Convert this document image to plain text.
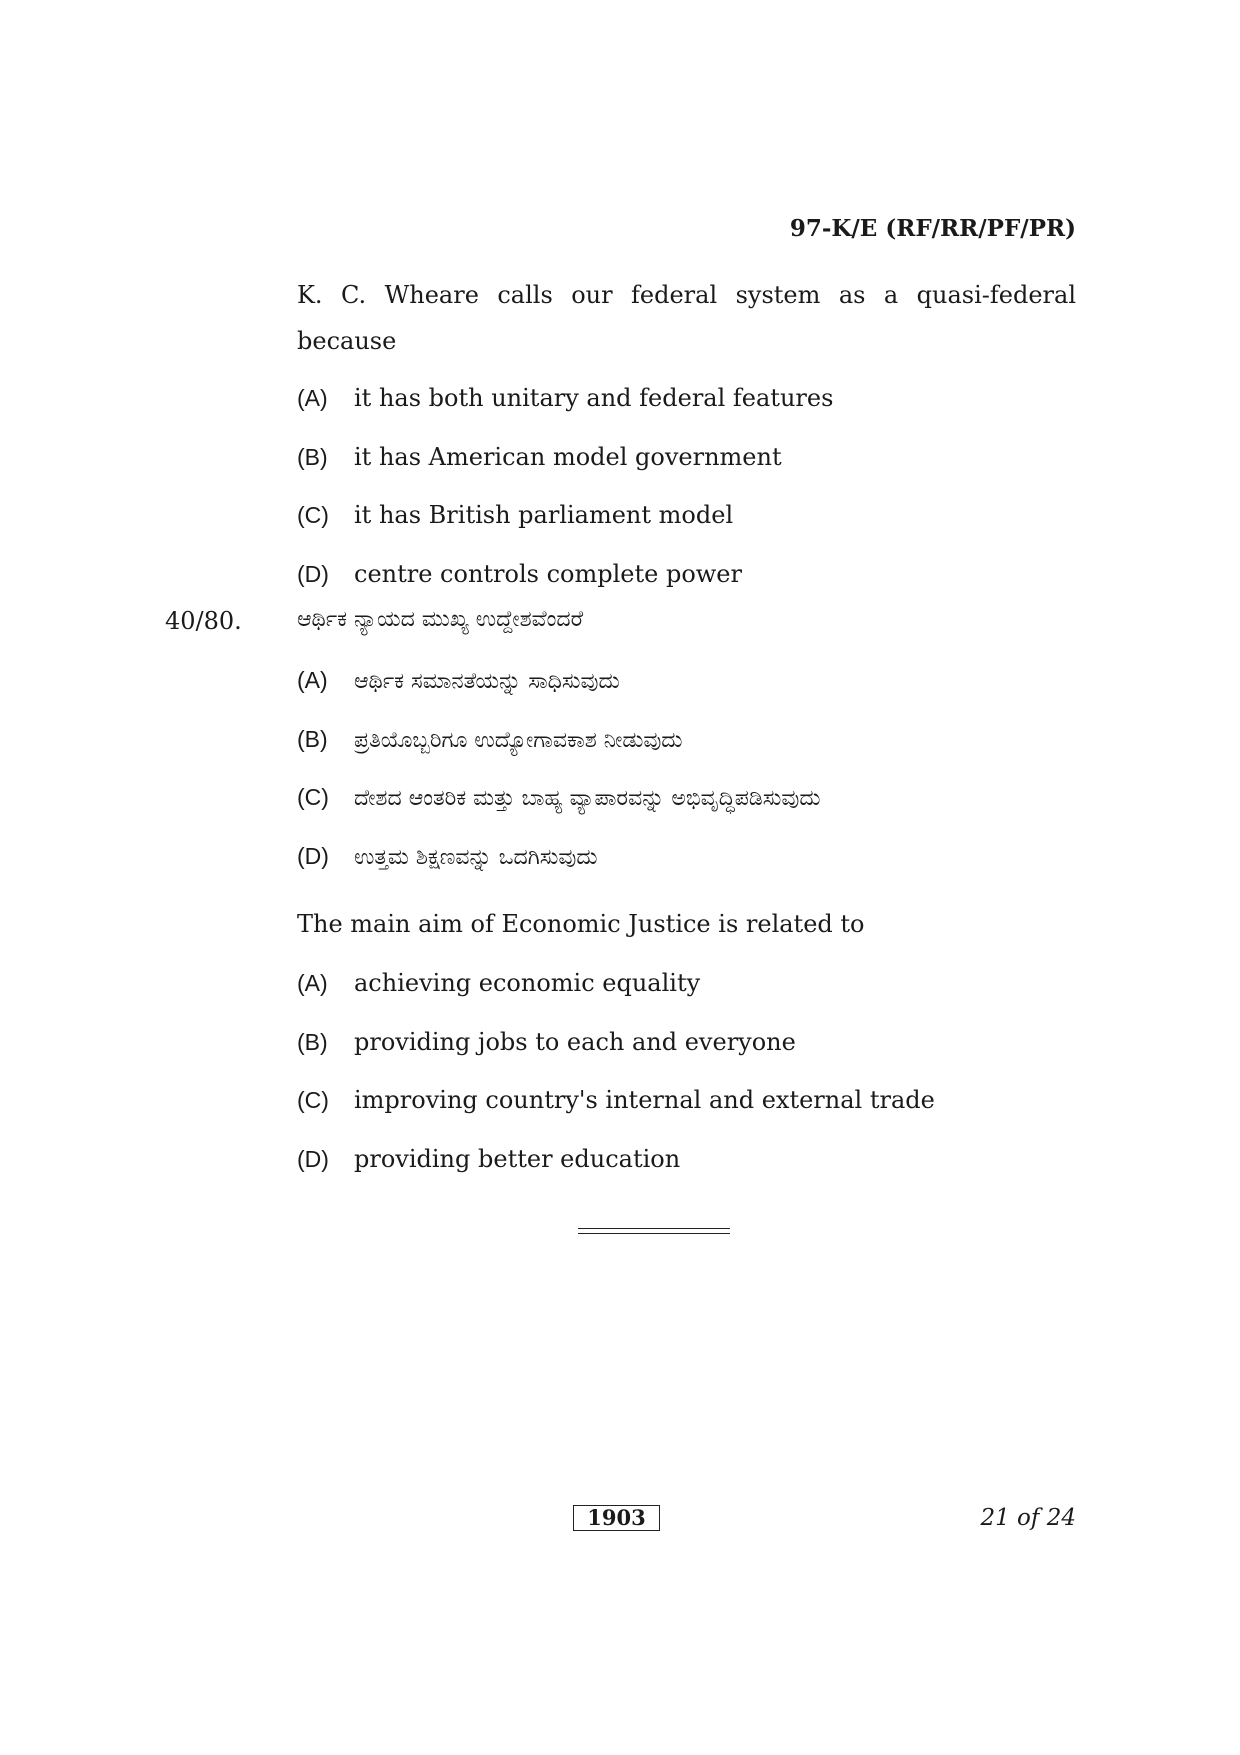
97-K/E (RF/RR/PF/PR)
K. C. Wheare calls our federal system as a quasi-federal
because
(A) it has both unitary and federal features
(B) it has American model government
(C) it has British parliament model
(D) centre controls complete power
40/80.	ಆರ್ಥಿಕ ನ್ಯಾಯದ ಮುಖ್ಯ ಉದ್ದೇಶವೆಂದರೆ
(A) ಆರ್ಥಿಕ ಸಮಾನತೆಯನ್ನು ಸಾಧಿಸುವುದು
(B) ಪ್ರತಿಯೊಬ್ಬರಿಗೂ ಉದ್ಯೋಗಾವಕಾಶ ನೀಡುವುದು
(C) ದೇಶದ ಆಂತರಿಕ ಮತ್ತು ಬಾಹ್ಯ ವ್ಯಾಪಾರವನ್ನು ಅಭಿವೃದ್ಧಿಪಡಿಸುವುದು
(D) ಉತ್ತಮ ಶಿಕ್ಷಣವನ್ನು ಒದಗಿಸುವುದು
The main aim of Economic Justice is related to
(A) achieving economic equality
(B) providing jobs to each and everyone
(C) improving country's internal and external trade
(D) providing better education
1903	21 of 24
